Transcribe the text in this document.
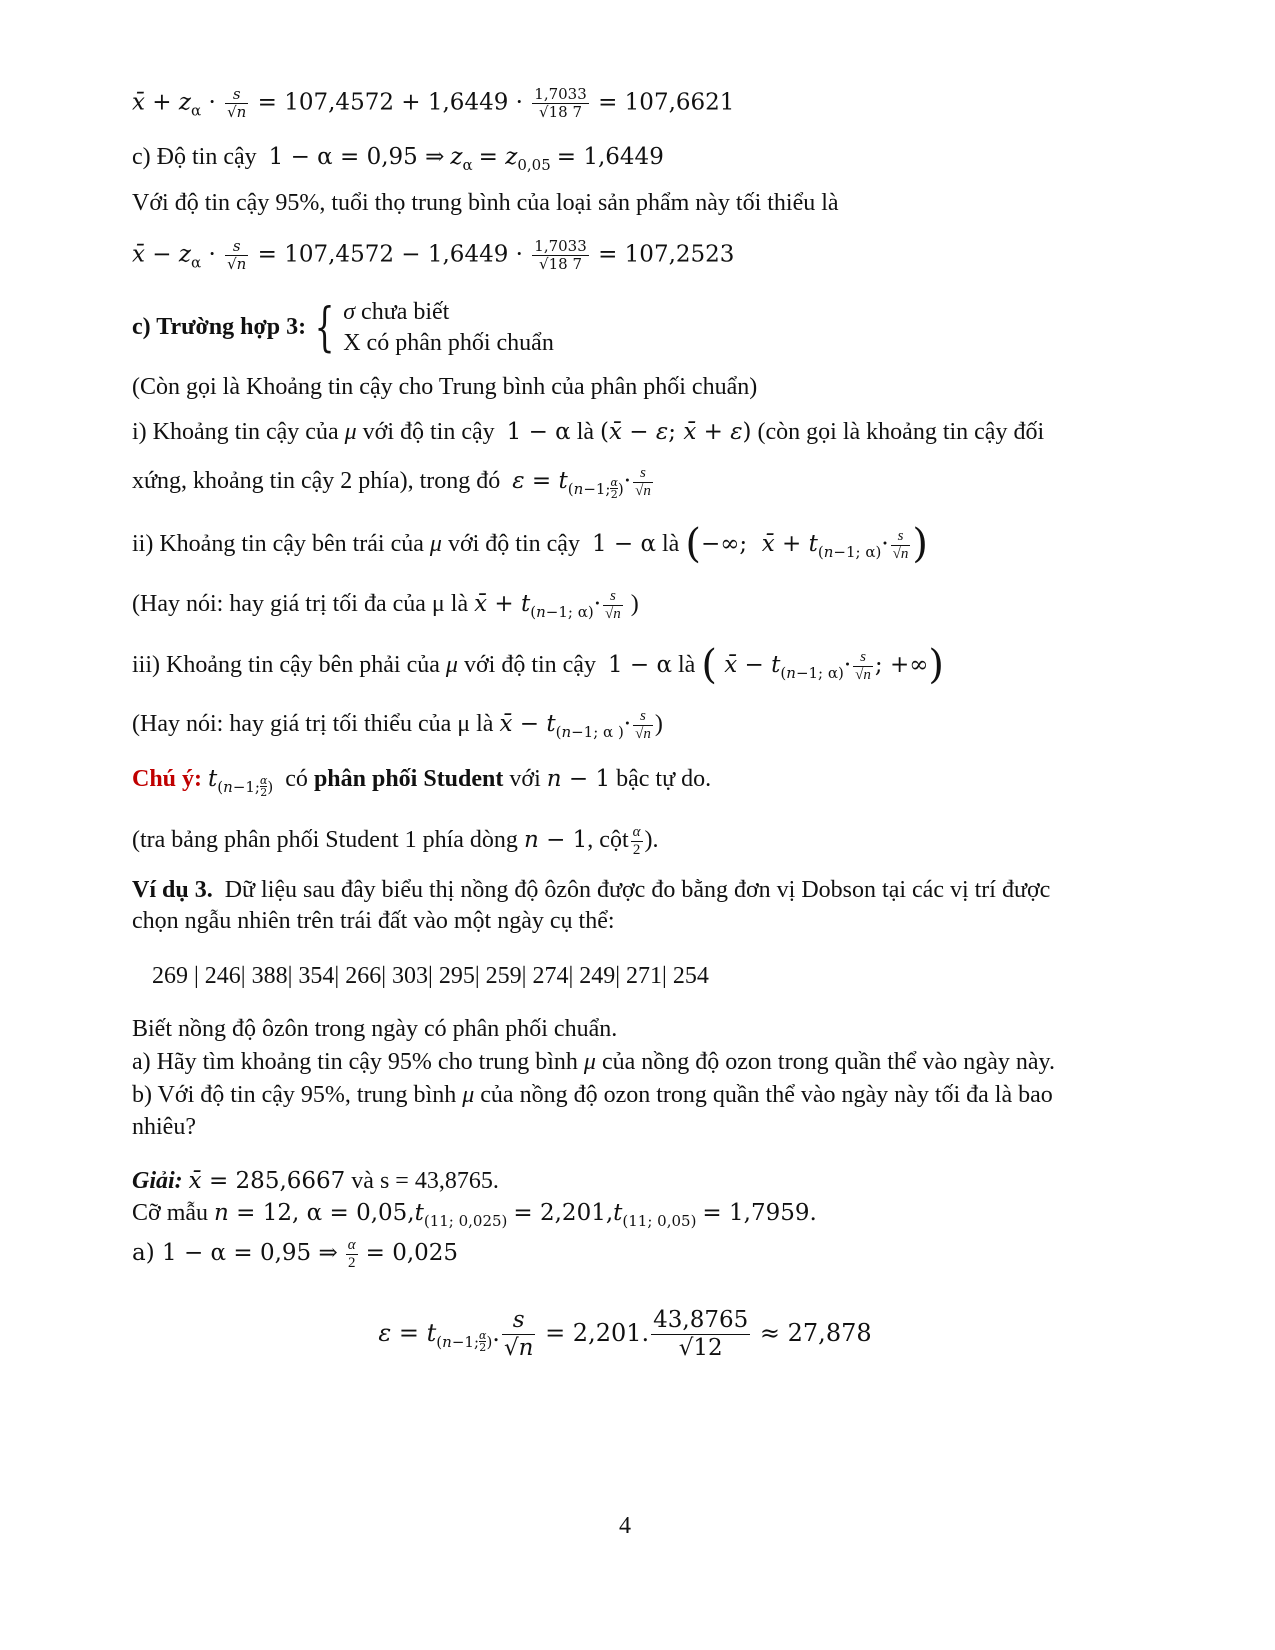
x̄ + $z_\alpha \cdot \frac{s}{√n} = 107,4572 + 1,6449 \cdot \frac{1,7033}{√18 7} = 107,6621$
c) Độ tin cậy 1 − α = 0,95 ⇒ $z_\alpha = z_{0,05} = 1,6449$
Với độ tin cậy 95%, tuổi thọ trung bình của loại sản phẩm này tối thiểu là
x̄ − $z_\alpha \cdot \frac{s}{√n} = 107,4572 - 1,6449 \cdot \frac{1,7033}{√18 7} = 107,2523$
c) Trường hợp 3: { σ chưa biết
X có phân phối chuẩn
(Còn gọi là Khoảng tin cậy cho Trung bình của phân phối chuẩn)
i) Khoảng tin cậy của μ với độ tin cậy 1 − α là (x̄ − ε; x̄ + ε) (còn gọi là khoảng tin cậy đối
xứng, khoảng tin cậy 2 phía), trong đó $\varepsilon = t_{(n-1; \frac{\alpha}{2} )}\cdot \frac{s}{√n}$
ii) Khoảng tin cậy bên trái của μ với độ tin cậy 1 − α là (−∞;  x̄ + $t_{(n-1; \alpha)}\cdot \frac{s}{√n}$ )
(Hay nói: hay giá trị tối đa của μ là x̄ + $t_{(n-1; \alpha)}\cdot \frac{s}{√n}$ )
iii) Khoảng tin cậy bên phải của μ với độ tin cậy 1 − α là ( x̄ − $t_{(n-1; \alpha)}\cdot \frac{s}{√n}$ ; +∞)
(Hay nói: hay giá trị tối thiểu của μ là x̄ − $t_{(n-1; \alpha )}\cdot \frac{s}{√n}$ )
Chú ý: $t_{(n-1; \frac{\alpha}{2} )}$ có phân phối Student với n − 1 bậc tự do.
(tra bảng phân phối Student 1 phía dòng n − 1, cột $\frac{\alpha}{2}$ ).
Ví dụ 3. Dữ liệu sau đây biểu thị nồng độ ôzôn được đo bằng đơn vị Dobson tại các vị trí được
chọn ngẫu nhiên trên trái đất vào một ngày cụ thể:
269 | 246| 388| 354| 266| 303| 295| 259| 274| 249| 271| 254
Biết nồng độ ôzôn trong ngày có phân phối chuẩn.
a) Hãy tìm khoảng tin cậy 95% cho trung bình μ của nồng độ ozon trong quần thể vào ngày này.
b) Với độ tin cậy 95%, trung bình μ của nồng độ ozon trong quần thể vào ngày này tối đa là bao
nhiêu?
Giải: x̄ = 285,6667 và s = 43,8765.
Cỡ mẫu n = 12, $\alpha = 0,05,t_{(11; 0,025)} = 2,201,t_{(11; 0,05)} = 1,7959$.
a) 1 − α = 0,95 ⇒ $\frac{\alpha}{2} = 0,025$
$\varepsilon = t_{(n-1; \frac{\alpha}{2} )}$. $\frac{s}{√n} = 2,201$. $\frac{43,8765}{√12} \approx 27,878$
4
